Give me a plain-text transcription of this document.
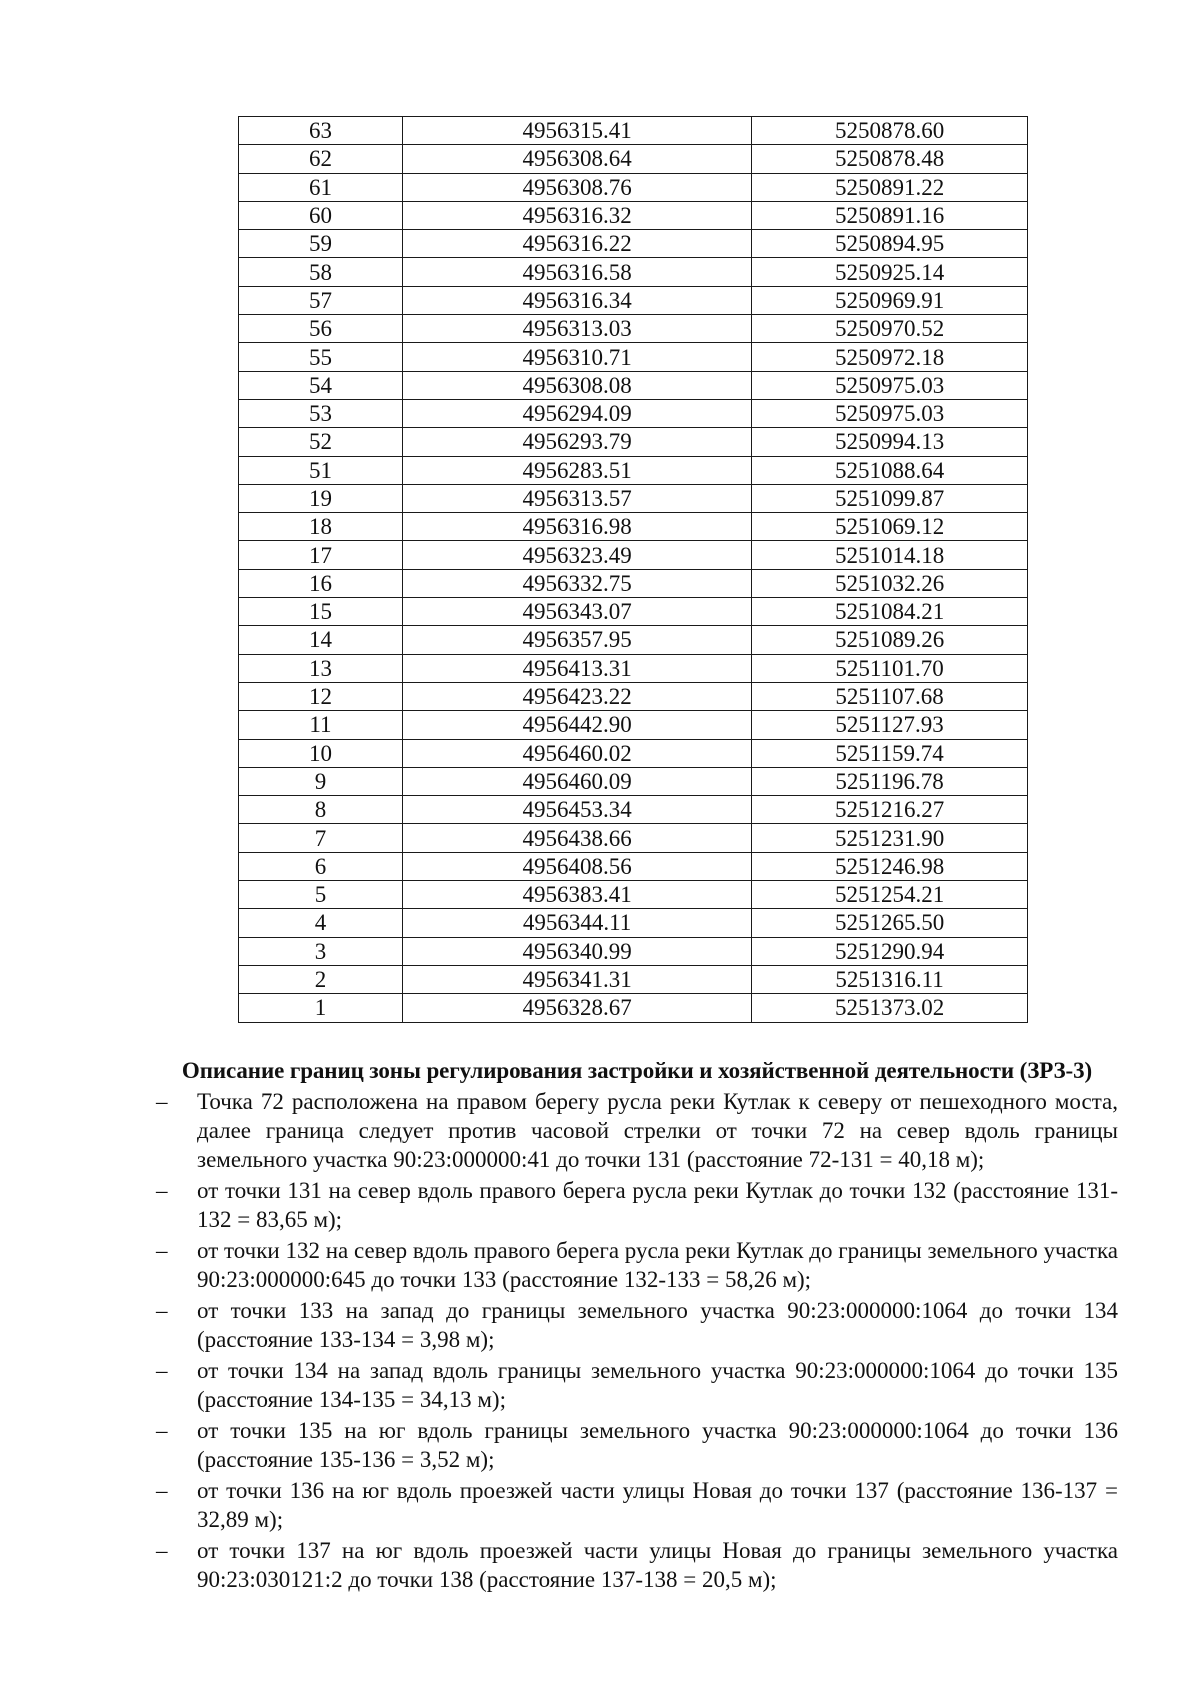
63	4956315.41	5250878.60
62	4956308.64	5250878.48
61	4956308.76	5250891.22
60	4956316.32	5250891.16
59	4956316.22	5250894.95
58	4956316.58	5250925.14
57	4956316.34	5250969.91
56	4956313.03	5250970.52
55	4956310.71	5250972.18
54	4956308.08	5250975.03
53	4956294.09	5250975.03
52	4956293.79	5250994.13
51	4956283.51	5251088.64
19	4956313.57	5251099.87
18	4956316.98	5251069.12
17	4956323.49	5251014.18
16	4956332.75	5251032.26
15	4956343.07	5251084.21
14	4956357.95	5251089.26
13	4956413.31	5251101.70
12	4956423.22	5251107.68
11	4956442.90	5251127.93
10	4956460.02	5251159.74
9	4956460.09	5251196.78
8	4956453.34	5251216.27
7	4956438.66	5251231.90
6	4956408.56	5251246.98
5	4956383.41	5251254.21
4	4956344.11	5251265.50
3	4956340.99	5251290.94
2	4956341.31	5251316.11
1	4956328.67	5251373.02
Описание границ зоны регулирования застройки и хозяйственной деятельности (ЗРЗ-3)
– Точка 72 расположена на правом берегу русла реки Кутлак к северу от пешеходного моста, далее граница следует против часовой стрелки от точки 72 на север вдоль границы земельного участка 90:23:000000:41 до точки 131 (расстояние 72-131 = 40,18 м);
– от точки 131 на север вдоль правого берега русла реки Кутлак до точки 132 (расстояние 131-132 = 83,65 м);
– от точки 132 на север вдоль правого берега русла реки Кутлак до границы земельного участка 90:23:000000:645 до точки 133 (расстояние 132-133 = 58,26 м);
– от точки 133 на запад до границы земельного участка 90:23:000000:1064 до точки 134 (расстояние 133-134 = 3,98 м);
– от точки 134 на запад вдоль границы земельного участка 90:23:000000:1064 до точки 135 (расстояние 134-135 = 34,13 м);
– от точки 135 на юг вдоль границы земельного участка 90:23:000000:1064 до точки 136 (расстояние 135-136 = 3,52 м);
– от точки 136 на юг вдоль проезжей части улицы Новая до точки 137 (расстояние 136-137 = 32,89 м);
– от точки 137 на юг вдоль проезжей части улицы Новая до границы земельного участка 90:23:030121:2 до точки 138 (расстояние 137-138 = 20,5 м);
